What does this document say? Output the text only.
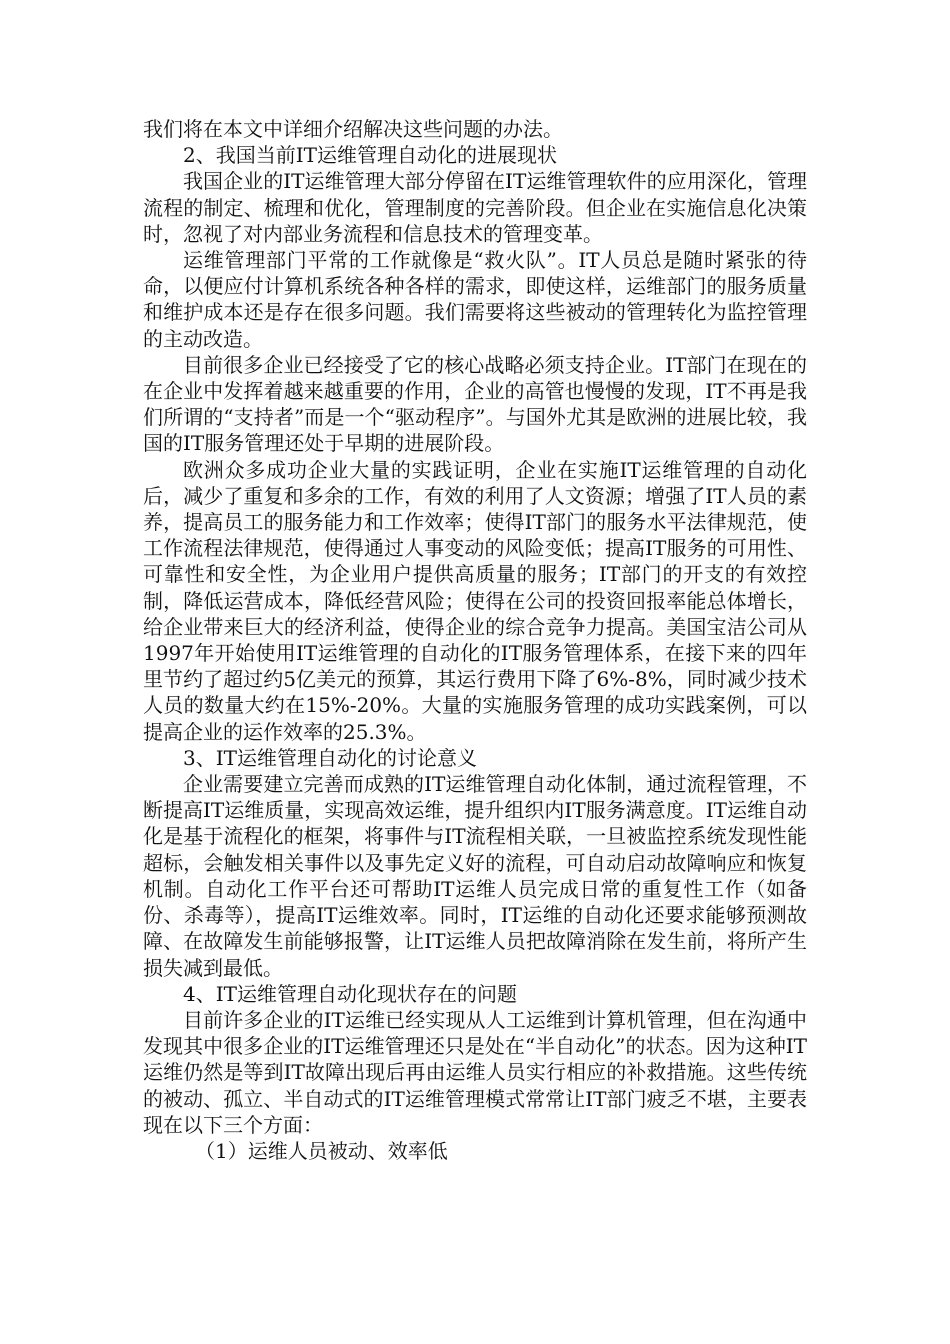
我们将在本文中详细介绍解决这些问题的办法。

2、我国当前IT运维管理自动化的进展现状

我国企业的IT运维管理大部分停留在IT运维管理软件的应用深化，管理流程的制定、梳理和优化，管理制度的完善阶段。但企业在实施信息化决策时，忽视了对内部业务流程和信息技术的管理变革。

运维管理部门平常的工作就像是“救火队”。IT人员总是随时紧张的待命，以便应付计算机系统各种各样的需求，即使这样，运维部门的服务质量和维护成本还是存在很多问题。我们需要将这些被动的管理转化为监控管理的主动改造。

目前很多企业已经接受了它的核心战略必须支持企业。IT部门在现在的在企业中发挥着越来越重要的作用，企业的高管也慢慢的发现，IT不再是我们所谓的“支持者”而是一个“驱动程序”。与国外尤其是欧洲的进展比较，我国的IT服务管理还处于早期的进展阶段。

欧洲众多成功企业大量的实践证明，企业在实施IT运维管理的自动化后，减少了重复和多余的工作，有效的利用了人文资源；增强了IT人员的素养，提高员工的服务能力和工作效率；使得IT部门的服务水平法律规范，使工作流程法律规范，使得通过人事变动的风险变低；提高IT服务的可用性、可靠性和安全性，为企业用户提供高质量的服务；IT部门的开支的有效控制，降低运营成本，降低经营风险；使得在公司的投资回报率能总体增长，给企业带来巨大的经济利益，使得企业的综合竞争力提高。美国宝洁公司从1997年开始使用IT运维管理的自动化的IT服务管理体系，在接下来的四年里节约了超过约5亿美元的预算，其运行费用下降了6%-8%，同时减少技术人员的数量大约在15%-20%。大量的实施服务管理的成功实践案例，可以提高企业的运作效率的25.3%。

3、IT运维管理自动化的讨论意义

企业需要建立完善而成熟的IT运维管理自动化体制，通过流程管理，不断提高IT运维质量，实现高效运维，提升组织内IT服务满意度。IT运维自动化是基于流程化的框架，将事件与IT流程相关联，一旦被监控系统发现性能超标，会触发相关事件以及事先定义好的流程，可自动启动故障响应和恢复机制。自动化工作平台还可帮助IT运维人员完成日常的重复性工作（如备份、杀毒等），提高IT运维效率。同时，IT运维的自动化还要求能够预测故障、在故障发生前能够报警，让IT运维人员把故障消除在发生前，将所产生损失减到最低。

4、IT运维管理自动化现状存在的问题

目前许多企业的IT运维已经实现从人工运维到计算机管理，但在沟通中发现其中很多企业的IT运维管理还只是处在“半自动化”的状态。因为这种IT运维仍然是等到IT故障出现后再由运维人员实行相应的补救措施。这些传统的被动、孤立、半自动式的IT运维管理模式常常让IT部门疲乏不堪，主要表现在以下三个方面：

（1）运维人员被动、效率低
